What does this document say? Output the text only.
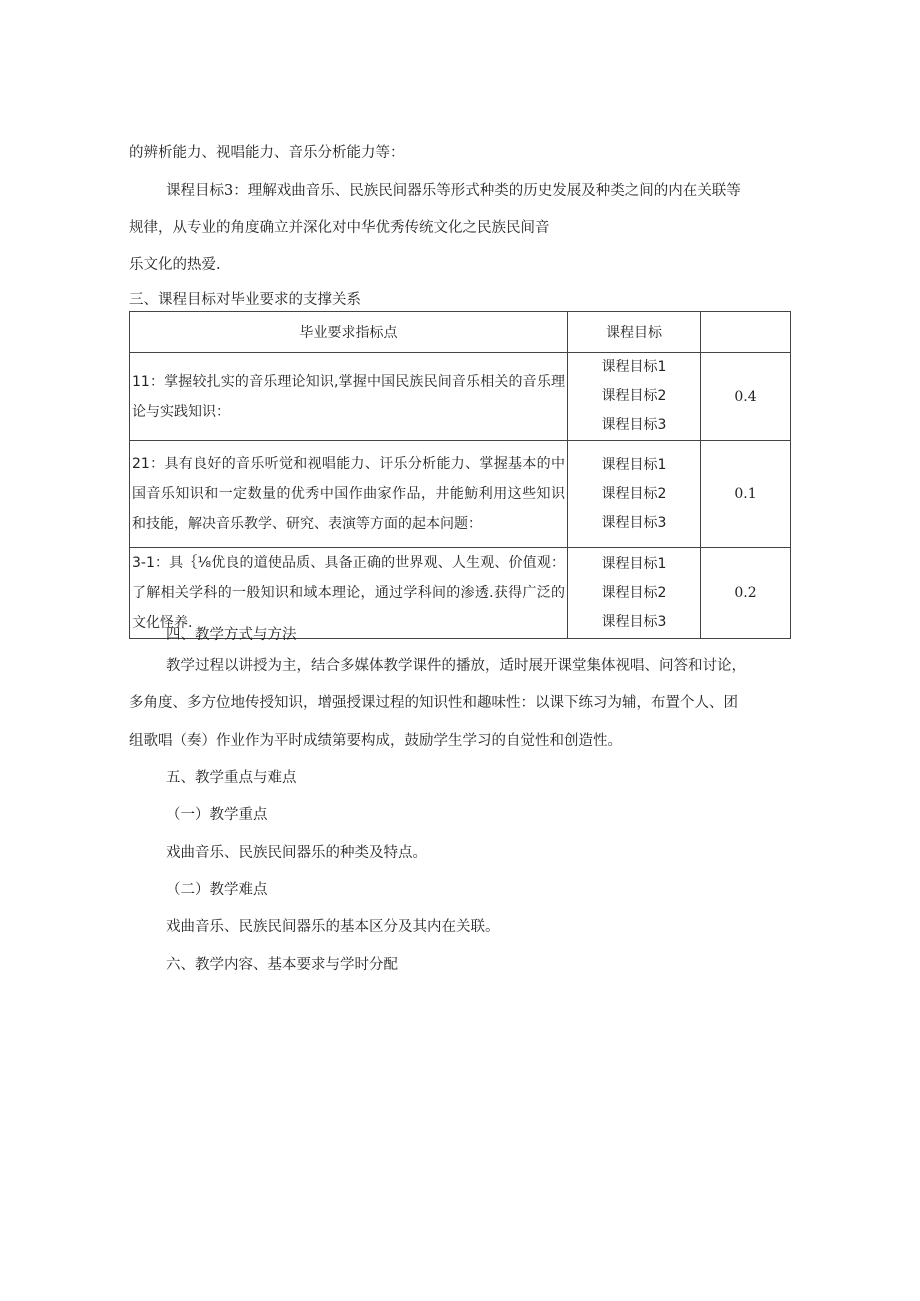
的辨析能力、视唱能力、音乐分析能力等：
课程目标3：理解戏曲音乐、民族民间器乐等形式种类的历史发展及种类之间的内在关联等
规律，从专业的角度确立并深化对中华优秀传统文化之民族民间音
乐文化的热爱.
三、课程目标对毕业要求的支撑关系
毕业要求指标点	课程目标	
11：掌握较扎实的音乐理论知识,掌握中国民族民间音乐相关的音乐理论与实践知识：	课程目标1
课程目标2
课程目标3	0.4
21：具有良好的音乐听觉和视唱能力、讦乐分析能力、掌握基本的中国音乐知识和一定数量的优秀中国作曲家作品，井能魴利用这些知识和技能，解决音乐教学、研究、表演等方面的起本问题：	课程目标1
课程目标2
课程目标3	0.1
3-1：具｛⅛优良的道使品质、具备正确的世界观、人生观、价值观：了解相关学科的一般知识和域本理论，通过学科间的渗透.获得广泛的文化怪养.	课程目标1
课程目标2
课程目标3	0.2
四、教学方式与方法
教学过程以讲授为主，结合多媒体教学课件的播放，适时展开课堂集体视唱、问答和讨论，
多角度、多方位地传授知识，增强授课过程的知识性和趣味性：以课下练习为辅，布置个人、团
组歌唱（奏）作业作为平时成绩第要构成，鼓励学生学习的自觉性和创造性。
五、教学重点与难点
（一）教学重点
戏曲音乐、民族民间器乐的种类及特点。
（二）教学难点
戏曲音乐、民族民间器乐的基本区分及其内在关联。
六、教学内容、基本要求与学时分配
